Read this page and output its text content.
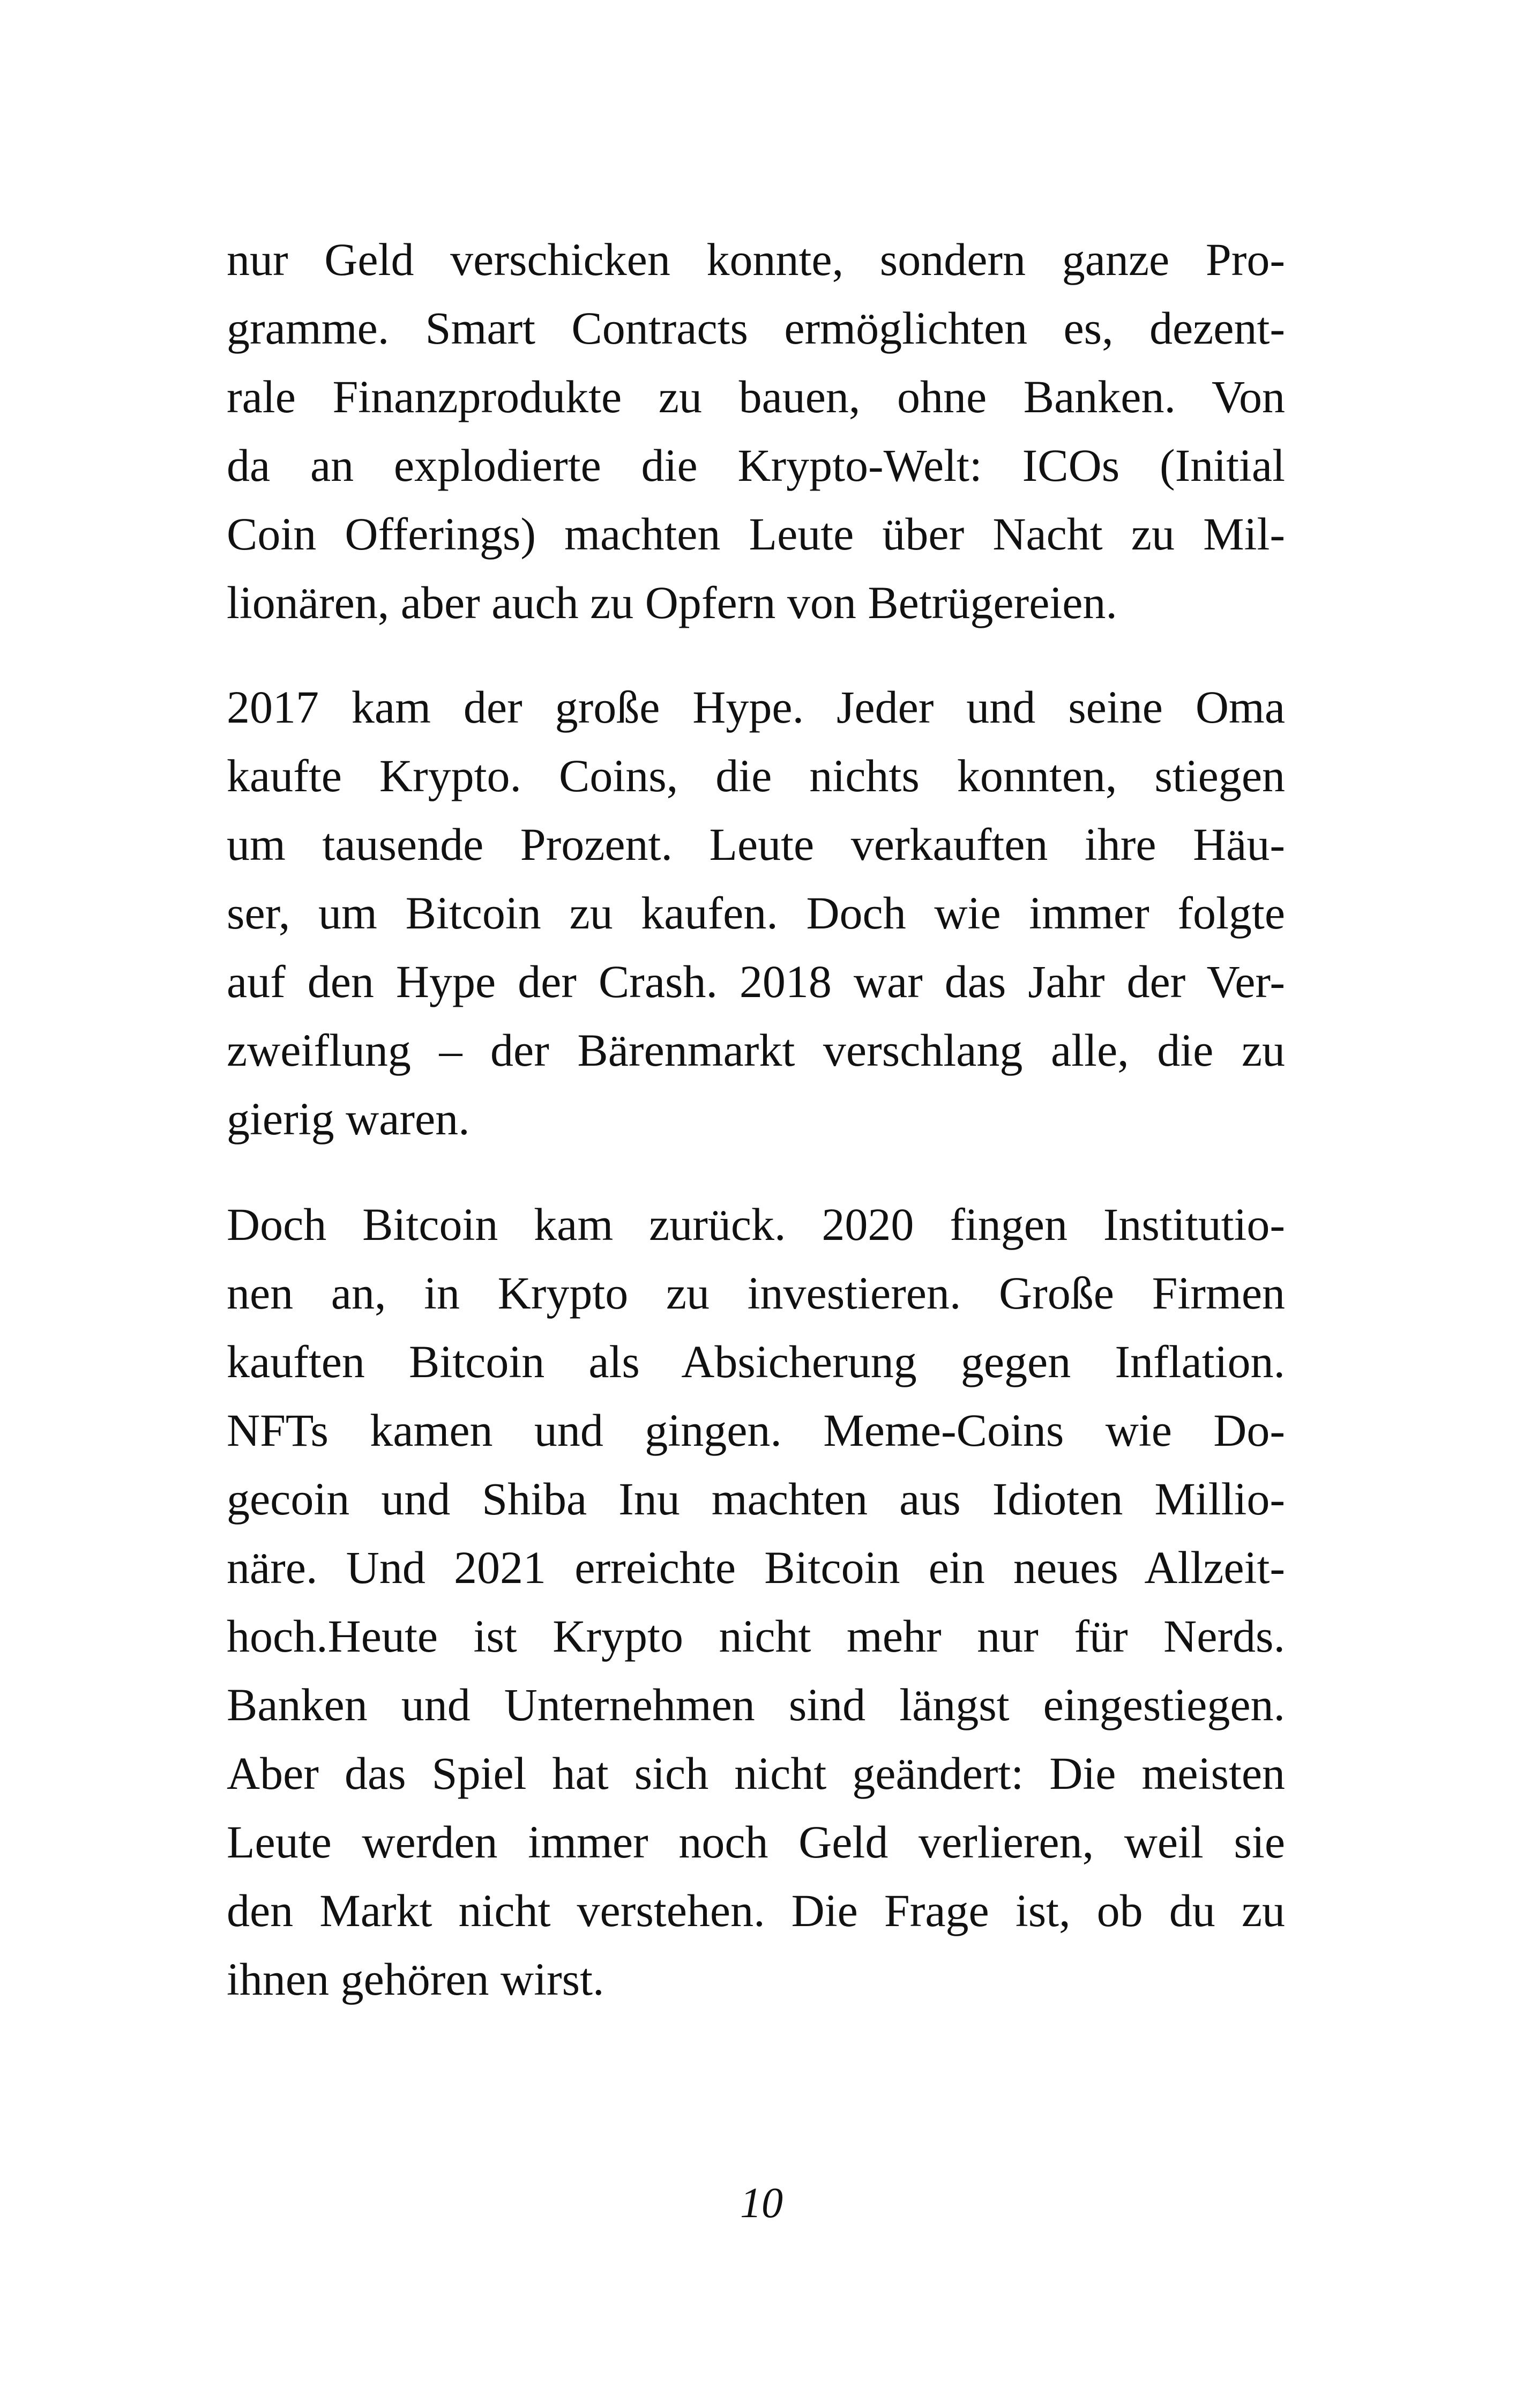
nur Geld verschicken konnte, sondern ganze Pro-
gramme. Smart Contracts ermöglichten es, dezent-
rale Finanzprodukte zu bauen, ohne Banken. Von
da an explodierte die Krypto-Welt: ICOs (Initial
Coin Offerings) machten Leute über Nacht zu Mil-
lionären, aber auch zu Opfern von Betrügereien.
2017 kam der große Hype. Jeder und seine Oma
kaufte Krypto. Coins, die nichts konnten, stiegen
um tausende Prozent. Leute verkauften ihre Häu-
ser, um Bitcoin zu kaufen. Doch wie immer folgte
auf den Hype der Crash. 2018 war das Jahr der Ver-
zweiflung – der Bärenmarkt verschlang alle, die zu
gierig waren.
Doch Bitcoin kam zurück. 2020 fingen Institutio-
nen an, in Krypto zu investieren. Große Firmen
kauften Bitcoin als Absicherung gegen Inflation.
NFTs kamen und gingen. Meme-Coins wie Do-
gecoin und Shiba Inu machten aus Idioten Millio-
näre. Und 2021 erreichte Bitcoin ein neues Allzeit-
hoch.Heute ist Krypto nicht mehr nur für Nerds.
Banken und Unternehmen sind längst eingestiegen.
Aber das Spiel hat sich nicht geändert: Die meisten
Leute werden immer noch Geld verlieren, weil sie
den Markt nicht verstehen. Die Frage ist, ob du zu
ihnen gehören wirst.
10
